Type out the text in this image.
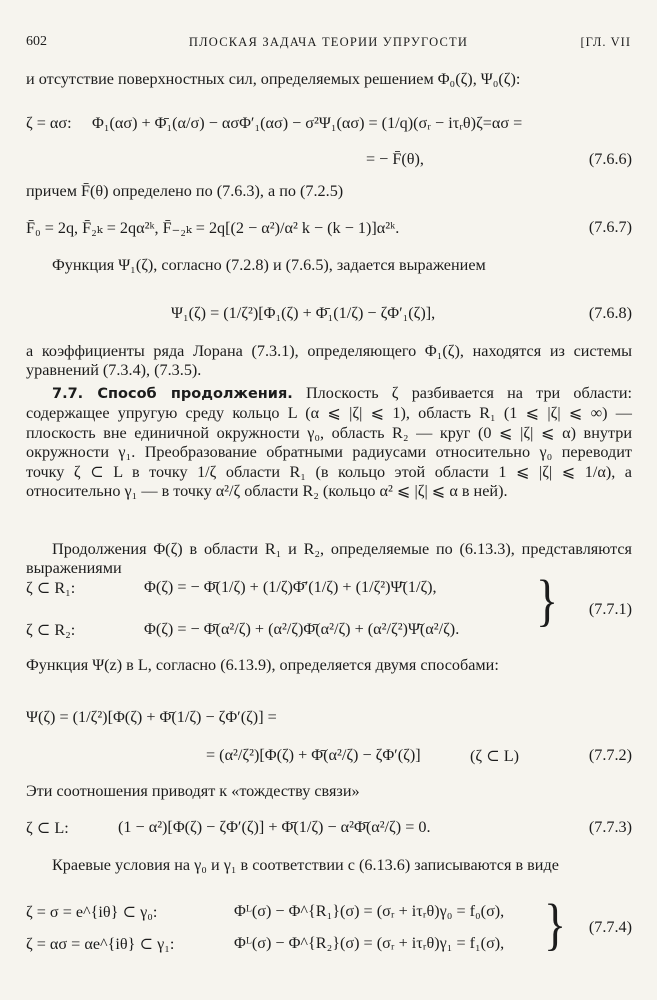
602	ПЛОСКАЯ ЗАДАЧА ТЕОРИИ УПРУГОСТИ	[ГЛ. VII
и отсутствие поверхностных сил, определяемых решением Φ₀(ζ), Ψ₀(ζ):
ζ = ασ: Φ₁(ασ) + Φ̄₁(α/σ) − ασΦ′₁(ασ) − σ²Ψ₁(ασ) = (1/q)(σᵣ − iτᵣθ)ζ=ασ =
= − F̄(θ),	(7.6.6)
причем F̄(θ) определено по (7.6.3), а по (7.2.5)
F̄₀ = 2q, F̄₂ₖ = 2qα²ᵏ, F̄₋₂ₖ = 2q[(2 − α²)/α² k − (k − 1)]α²ᵏ.	(7.6.7)
Функция Ψ₁(ζ), согласно (7.2.8) и (7.6.5), задается выражением
Ψ₁(ζ) = (1/ζ²)[Φ₁(ζ) + Φ̄₁(1/ζ) − ζΦ′₁(ζ)],	(7.6.8)
а коэффициенты ряда Лорана (7.3.1), определяющего Φ₁(ζ), находятся из системы уравнений (7.3.4), (7.3.5).
7.7. Способ продолжения. Плоскость ζ разбивается на три области: содержащее упругую среду кольцо L (α ⩽ |ζ| ⩽ 1), область R₁ (1 ⩽ |ζ| ⩽ ∞) — плоскость вне единичной окружности γ₀, область R₂ — круг (0 ⩽ |ζ| ⩽ α) внутри окружности γ₁. Преобразование обратными радиусами относительно γ₀ переводит точку ζ ⊂ L в точку 1/ζ области R₁ (в кольцо этой области 1 ⩽ |ζ| ⩽ 1/α), а относительно γ₁ — в точку α²/ζ области R₂ (кольцо α² ⩽ |ζ| ⩽ α в ней).
Продолжения Φ(ζ) в области R₁ и R₂, определяемые по (6.13.3), представляются выражениями
ζ ⊂ R₁:	Φ(ζ) = − Φ̄(1/ζ) + (1/ζ)Φ̄′(1/ζ) + (1/ζ²)Ψ̄(1/ζ),
ζ ⊂ R₂:	Φ(ζ) = − Φ̄(α²/ζ) + (α²/ζ)Φ̄(α²/ζ) + (α²/ζ²)Ψ̄(α²/ζ). } (7.7.1)
Функция Ψ(z) в L, согласно (6.13.9), определяется двумя способами:
Ψ(ζ) = (1/ζ²)[Φ(ζ) + Φ̄(1/ζ) − ζΦ′(ζ)] =
= (α²/ζ²)[Φ(ζ) + Φ̄(α²/ζ) − ζΦ′(ζ)]	(ζ ⊂ L)	(7.7.2)
Эти соотношения приводят к «тождеству связи»
ζ ⊂ L:	(1 − α²)[Φ(ζ) − ζΦ′(ζ)] + Φ̄(1/ζ) − α²Φ̄(α²/ζ) = 0.	(7.7.3)
Краевые условия на γ₀ и γ₁ в соответствии с (6.13.6) записываются в виде
ζ = σ = e^{iθ} ⊂ γ₀:	Φᴸ(σ) − Φ^{R₁}(σ) = (σᵣ + iτᵣθ)γ₀ = f₀(σ),
ζ = ασ = αe^{iθ} ⊂ γ₁:	Φᴸ(σ) − Φ^{R₂}(σ) = (σᵣ + iτᵣθ)γ₁ = f₁(σ), } (7.7.4)
